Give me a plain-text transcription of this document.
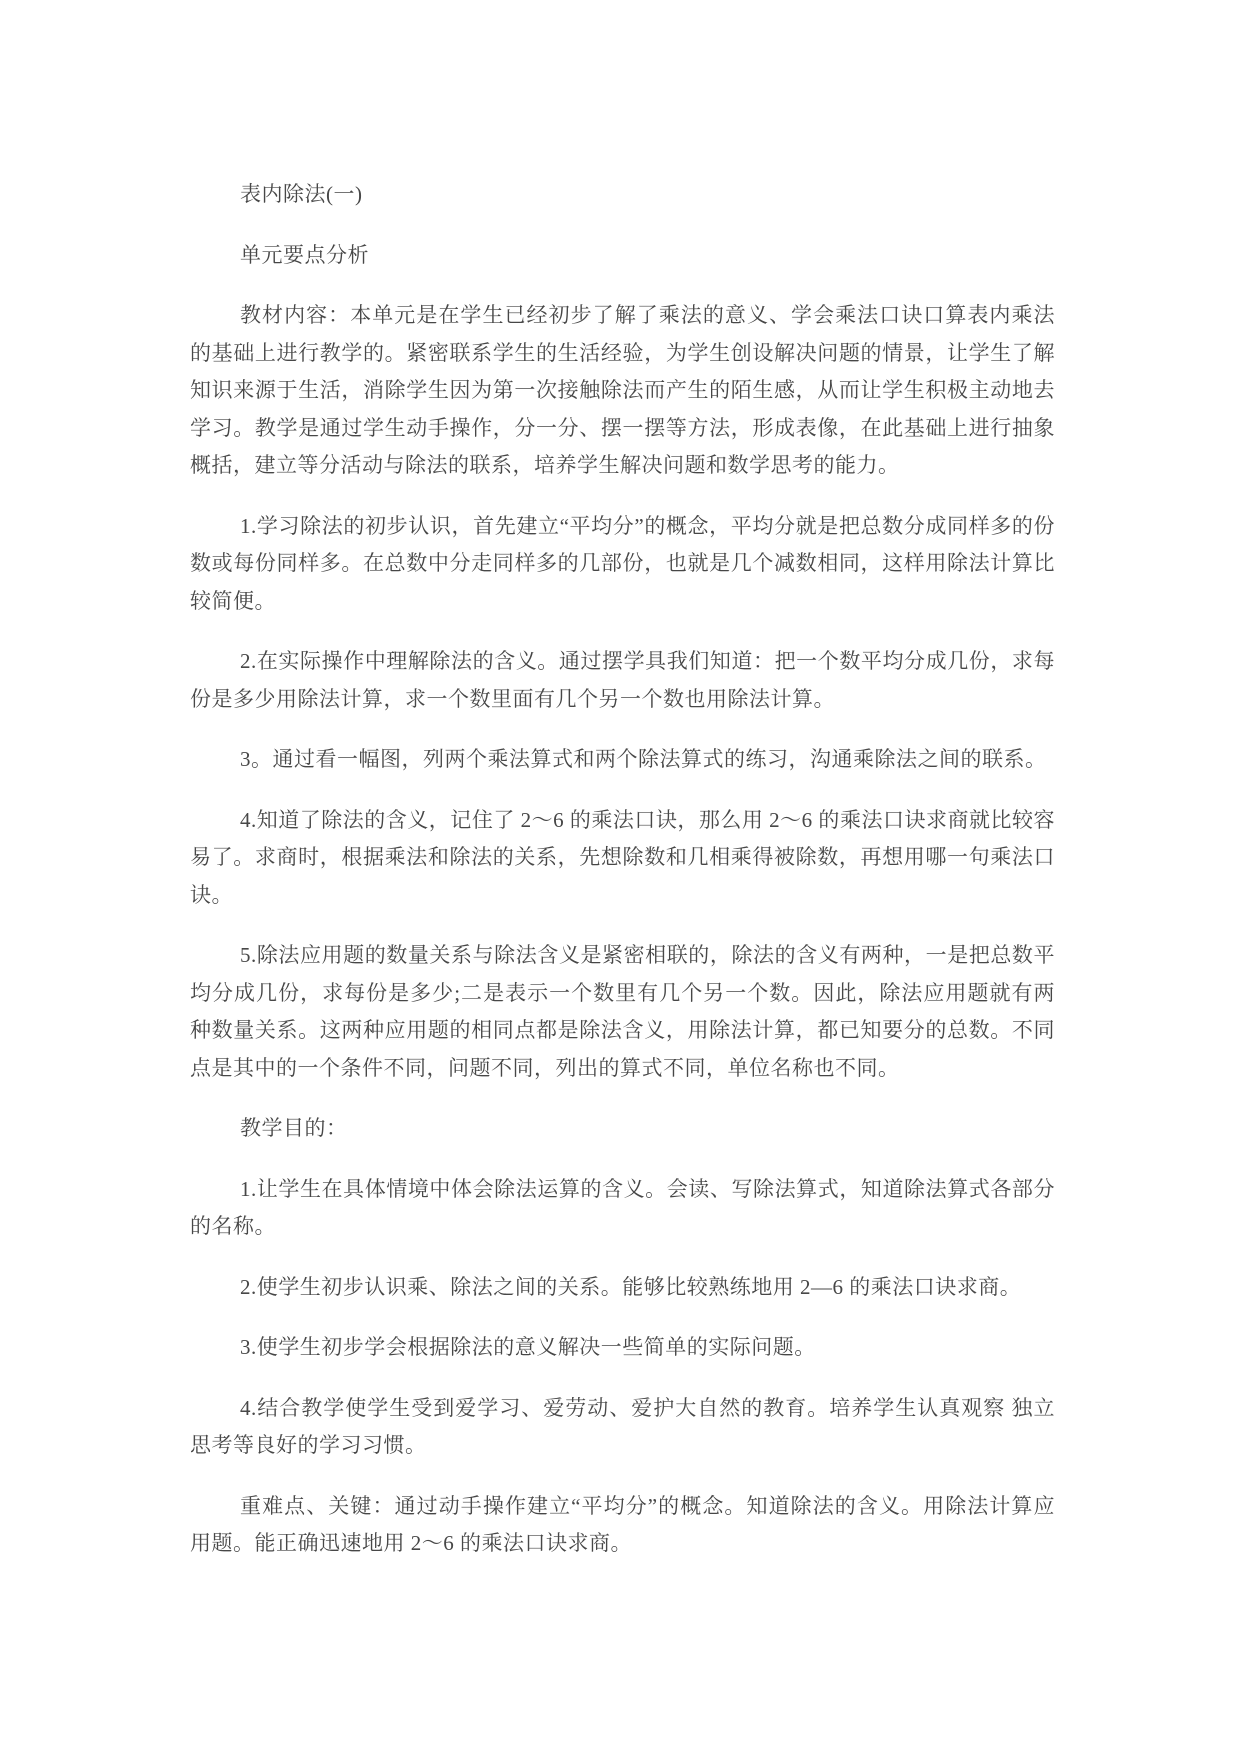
表内除法(一)

单元要点分析

教材内容：本单元是在学生已经初步了解了乘法的意义、学会乘法口诀口算表内乘法的基础上进行教学的。紧密联系学生的生活经验，为学生创设解决问题的情景，让学生了解知识来源于生活，消除学生因为第一次接触除法而产生的陌生感，从而让学生积极主动地去学习。教学是通过学生动手操作，分一分、摆一摆等方法，形成表像，在此基础上进行抽象概括，建立等分活动与除法的联系，培养学生解决问题和数学思考的能力。

1.学习除法的初步认识，首先建立“平均分”的概念，平均分就是把总数分成同样多的份数或每份同样多。在总数中分走同样多的几部份，也就是几个减数相同，这样用除法计算比较简便。

2.在实际操作中理解除法的含义。通过摆学具我们知道：把一个数平均分成几份，求每份是多少用除法计算，求一个数里面有几个另一个数也用除法计算。

3。通过看一幅图，列两个乘法算式和两个除法算式的练习，沟通乘除法之间的联系。

4.知道了除法的含义，记住了 2～6 的乘法口诀，那么用 2～6 的乘法口诀求商就比较容易了。求商时，根据乘法和除法的关系，先想除数和几相乘得被除数，再想用哪一句乘法口诀。

5.除法应用题的数量关系与除法含义是紧密相联的，除法的含义有两种，一是把总数平均分成几份，求每份是多少;二是表示一个数里有几个另一个数。因此，除法应用题就有两种数量关系。这两种应用题的相同点都是除法含义，用除法计算，都已知要分的总数。不同点是其中的一个条件不同，问题不同，列出的算式不同，单位名称也不同。

教学目的：

1.让学生在具体情境中体会除法运算的含义。会读、写除法算式，知道除法算式各部分的名称。

2.使学生初步认识乘、除法之间的关系。能够比较熟练地用 2—6 的乘法口诀求商。

3.使学生初步学会根据除法的意义解决一些简单的实际问题。

4.结合教学使学生受到爱学习、爱劳动、爱护大自然的教育。培养学生认真观察 独立思考等良好的学习习惯。

重难点、关键：通过动手操作建立“平均分”的概念。知道除法的含义。用除法计算应用题。能正确迅速地用 2～6 的乘法口诀求商。
